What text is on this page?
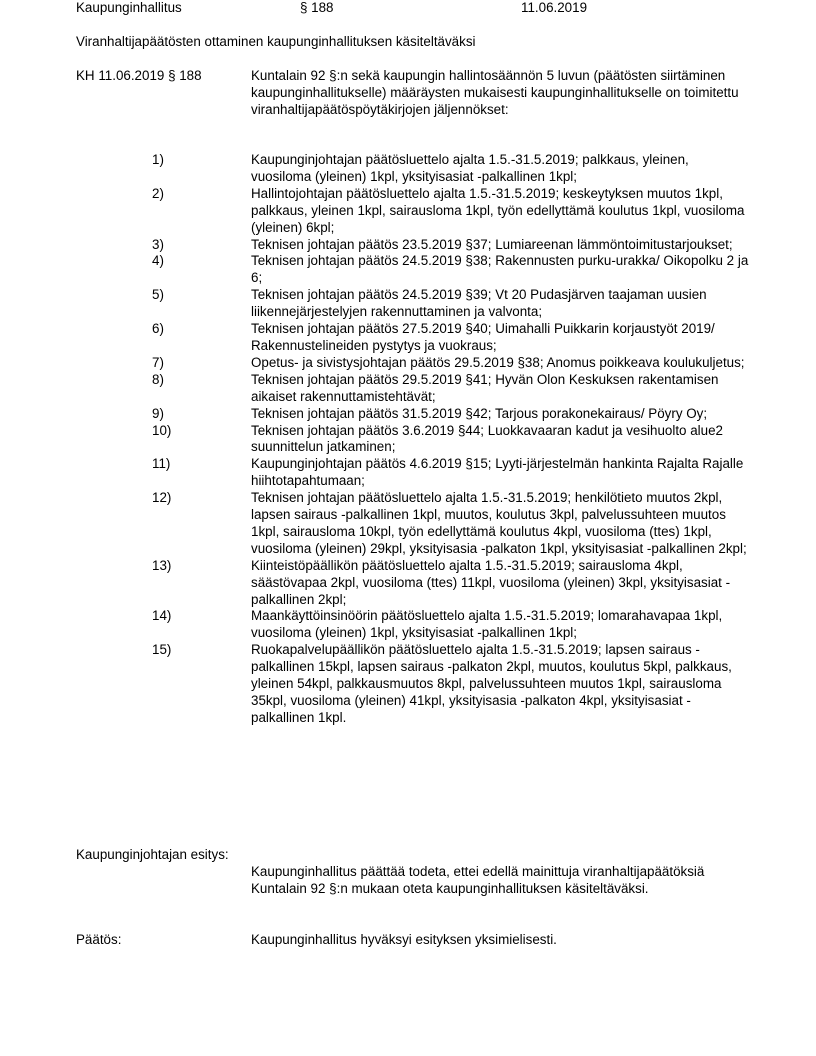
Kaupunginhallitus	§ 188	11.06.2019
Viranhaltijapäätösten ottaminen kaupunginhallituksen käsiteltäväksi
KH 11.06.2019 § 188	Kuntalain 92 §:n sekä kaupungin hallintosäännön 5 luvun (päätösten siirtäminen kaupunginhallitukselle) määräysten mukaisesti kaupunginhallitukselle on toimitettu viranhaltijapäätöspöytäkirjojen jäljennökset:
1)	Kaupunginjohtajan päätösluettelo ajalta 1.5.-31.5.2019; palkkaus, yleinen, vuosiloma (yleinen) 1kpl, yksityisasiat -palkallinen 1kpl;
2)	Hallintojohtajan päätösluettelo ajalta 1.5.-31.5.2019; keskeytyksen muutos 1kpl, palkkaus, yleinen 1kpl, sairausloma 1kpl, työn edellyttämä koulutus 1kpl, vuosiloma (yleinen) 6kpl;
3)	Teknisen johtajan päätös 23.5.2019 §37; Lumiareenan lämmöntoimitustarjoukset;
4)	Teknisen johtajan päätös 24.5.2019 §38; Rakennusten purku-urakka/ Oikopolku 2 ja 6;
5)	Teknisen johtajan päätös 24.5.2019 §39; Vt 20 Pudasjärven taajaman uusien liikennejärjestelyjen rakennuttaminen ja valvonta;
6)	Teknisen johtajan päätös 27.5.2019 §40; Uimahalli Puikkarin korjaustyöt 2019/ Rakennustelineiden pystytys ja vuokraus;
7)	Opetus- ja sivistysjohtajan päätös 29.5.2019 §38; Anomus poikkeava koulukuljetus;
8)	Teknisen johtajan päätös 29.5.2019 §41; Hyvän Olon Keskuksen rakentamisen aikaiset rakennuttamistehtävät;
9)	Teknisen johtajan päätös 31.5.2019 §42; Tarjous porakonekairaus/ Pöyry Oy;
10)	Teknisen johtajan päätös 3.6.2019 §44; Luokkavaaran kadut ja vesihuolto alue2 suunnittelun jatkaminen;
11)	Kaupunginjohtajan päätös 4.6.2019 §15; Lyyti-järjestelmän hankinta Rajalta Rajalle hiihtotapahtumaan;
12)	Teknisen johtajan päätösluettelo ajalta 1.5.-31.5.2019; henkilötieto muutos 2kpl, lapsen sairaus -palkallinen 1kpl, muutos, koulutus 3kpl, palvelussuhteen muutos 1kpl, sairausloma 10kpl, työn edellyttämä koulutus 4kpl, vuosiloma (ttes) 1kpl, vuosiloma (yleinen) 29kpl, yksityisasia -palkaton 1kpl, yksityisasiat -palkallinen 2kpl;
13)	Kiinteistöpäällikön päätösluettelo ajalta 1.5.-31.5.2019; sairausloma 4kpl, säästövapaa 2kpl, vuosiloma (ttes) 11kpl, vuosiloma (yleinen) 3kpl, yksityisasiat -palkallinen 2kpl;
14)	Maankäyttöinsinöörin päätösluettelo ajalta 1.5.-31.5.2019; lomarahavapaa 1kpl, vuosiloma (yleinen) 1kpl, yksityisasiat -palkallinen 1kpl;
15)	Ruokapalvelupäällikön päätösluettelo ajalta 1.5.-31.5.2019; lapsen sairaus -palkallinen 15kpl, lapsen sairaus -palkaton 2kpl, muutos, koulutus 5kpl, palkkaus, yleinen 54kpl, palkkausmuutos 8kpl, palvelussuhteen muutos 1kpl, sairausloma 35kpl, vuosiloma (yleinen) 41kpl, yksityisasia -palkaton 4kpl, yksityisasiat -palkallinen 1kpl.
Kaupunginjohtajan esitys:
Kaupunginhallitus päättää todeta, ettei edellä mainittuja viranhaltijapäätöksiä Kuntalain 92 §:n mukaan oteta kaupunginhallituksen käsiteltäväksi.
Päätös:	Kaupunginhallitus hyväksyi esityksen yksimielisesti.
